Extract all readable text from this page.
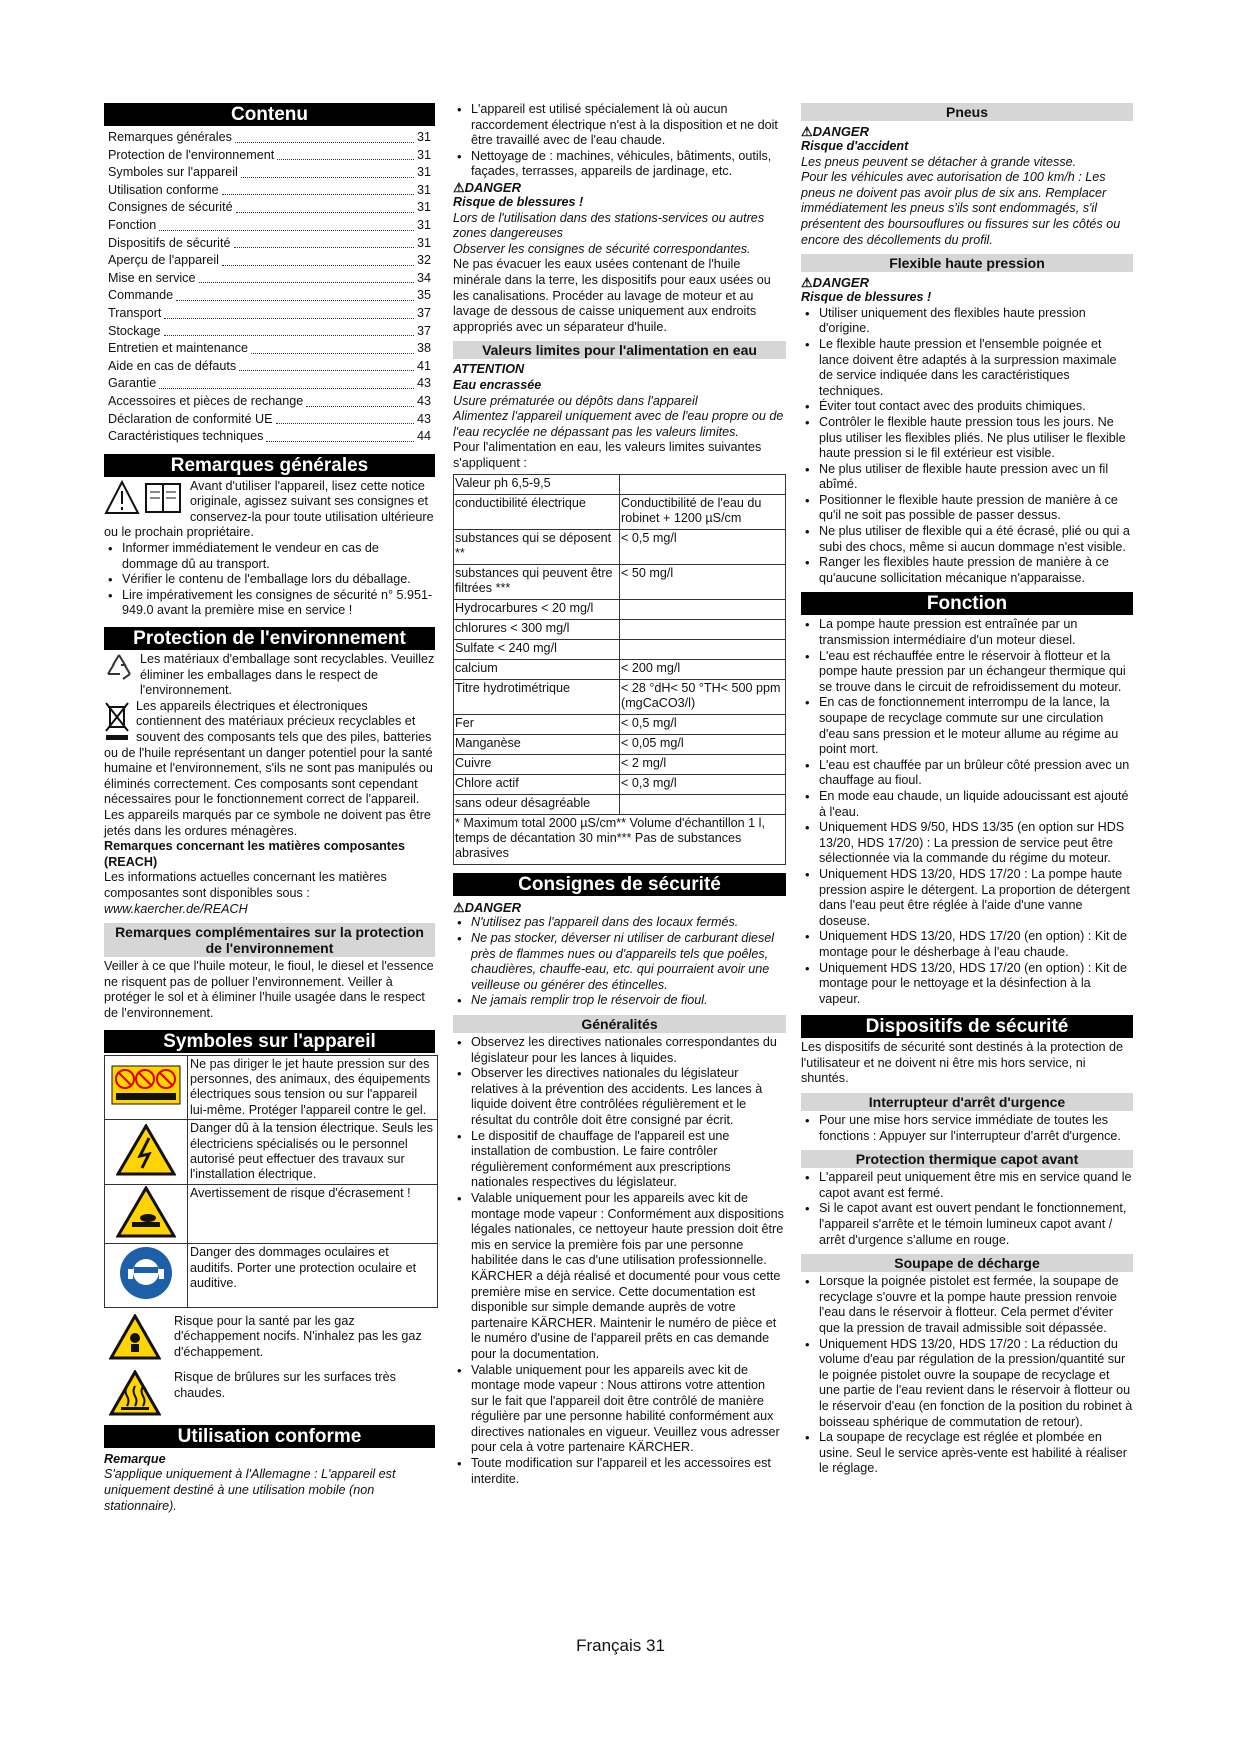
Contenu
Remarques générales	31
Protection de l'environnement	31
Symboles sur l'appareil	31
Utilisation conforme	31
Consignes de sécurité	31
Fonction	31
Dispositifs de sécurité	31
Aperçu de l'appareil	32
Mise en service	34
Commande	35
Transport	37
Stockage	37
Entretien et maintenance	38
Aide en cas de défauts	41
Garantie	43
Accessoires et pièces de rechange	43
Déclaration de conformité UE	43
Caractéristiques techniques	44
Remarques générales

Avant d'utiliser l'appareil, lisez cette notice originale, agissez suivant ses consignes et conservez-la pour toute utilisation ultérieure ou le prochain propriétaire.

• Informer immédiatement le vendeur en cas de dommage dû au transport.
• Vérifier le contenu de l'emballage lors du déballage.
• Lire impérativement les consignes de sécurité n° 5.951-949.0 avant la première mise en service !
Protection de l'environnement

Les matériaux d'emballage sont recyclables. Veuillez éliminer les emballages dans le respect de l'environnement.

Les appareils électriques et électroniques contiennent des matériaux précieux recyclables et souvent des composants tels que des piles, batteries ou de l'huile représentant un danger potentiel pour la santé humaine et l'environnement, s'ils ne sont pas manipulés ou éliminés correctement. Ces composants sont cependant nécessaires pour le fonctionnement correct de l'appareil. Les appareils marqués par ce symbole ne doivent pas être jetés dans les ordures ménagères.

Remarques concernant les matières composantes (REACH)

Les informations actuelles concernant les matières composantes sont disponibles sous : www.kaercher.de/REACH

Remarques complémentaires sur la protection de l'environnement

Veiller à ce que l'huile moteur, le fioul, le diesel et l'essence ne risquent pas de polluer l'environnement. Veiller à protéger le sol et à éliminer l'huile usagée dans le respect de l'environnement.

Symboles sur l'appareil
	Ne pas diriger le jet haute pression sur des personnes, des animaux, des équipements électriques sous tension ou sur l'appareil lui-même. Protéger l'appareil contre le gel.
	Danger dû à la tension électrique. Seuls les électriciens spécialisés ou le personnel autorisé peut effectuer des travaux sur l'installation électrique.
	Avertissement de risque d'écrasement !
	Danger des dommages oculaires et auditifs. Porter une protection oculaire et auditive.

Risque pour la santé par les gaz d'échappement nocifs. N'inhalez pas les gaz d'échappement.

Risque de brûlures sur les surfaces très chaudes.

Utilisation conforme

Remarque

S'applique uniquement à l'Allemagne : L'appareil est uniquement destiné à une utilisation mobile (non stationnaire).

• L'appareil est utilisé spécialement là où aucun raccordement électrique n'est à la disposition et ne doit être travaillé avec de l'eau chaude.
• Nettoyage de : machines, véhicules, bâtiments, outils, façades, terrasses, appareils de jardinage, etc.
⚠DANGER

Risque de blessures !

Lors de l'utilisation dans des stations-services ou autres zones dangereuses

Observer les consignes de sécurité correspondantes.

Ne pas évacuer les eaux usées contenant de l'huile minérale dans la terre, les dispositifs pour eaux usées ou les canalisations. Procéder au lavage de moteur et au lavage de dessous de caisse uniquement aux endroits appropriés avec un séparateur d'huile.

Valeurs limites pour l'alimentation en eau

ATTENTION

Eau encrassée

Usure prématurée ou dépôts dans l'appareil

Alimentez l'appareil uniquement avec de l'eau propre ou de l'eau recyclée ne dépassant pas les valeurs limites.

Pour l'alimentation en eau, les valeurs limites suivantes s'appliquent :

Valeur ph 6,5-9,5	
conductibilité électrique	Conductibilité de l'eau du robinet + 1200 µS/cm
substances qui se déposent **	< 0,5 mg/l
substances qui peuvent être filtrées ***	< 50 mg/l
Hydrocarbures < 20 mg/l	
chlorures < 300 mg/l	
Sulfate < 240 mg/l	
calcium	< 200 mg/l
Titre hydrotimétrique	< 28 °dH< 50 °TH< 500 ppm (mgCaCO3/l)
Fer	< 0,5 mg/l
Manganèse	< 0,05 mg/l
Cuivre	< 2 mg/l
Chlore actif	< 0,3 mg/l
sans odeur désagréable	
* Maximum total 2000 µS/cm** Volume d'échantillon 1 l, temps de décantation 30 min*** Pas de substances abrasives	
Consignes de sécurité
⚠DANGER
• N'utilisez pas l'appareil dans des locaux fermés.
• Ne pas stocker, déverser ni utiliser de carburant diesel près de flammes nues ou d'appareils tels que poêles, chaudières, chauffe-eau, etc. qui pourraient avoir une veilleuse ou générer des étincelles.
• Ne jamais remplir trop le réservoir de fioul.
Généralités
• Observez les directives nationales correspondantes du législateur pour les lances à liquides.
• Observer les directives nationales du législateur relatives à la prévention des accidents. Les lances à liquide doivent être contrôlées régulièrement et le résultat du contrôle doit être consigné par écrit.
• Le dispositif de chauffage de l'appareil est une installation de combustion. Le faire contrôler régulièrement conformément aux prescriptions nationales respectives du législateur.
• Valable uniquement pour les appareils avec kit de montage mode vapeur : Conformément aux dispositions légales nationales, ce nettoyeur haute pression doit être mis en service la première fois par une personne habilitée dans le cas d'une utilisation professionnelle. KÄRCHER a déjà réalisé et documenté pour vous cette première mise en service. Cette documentation est disponible sur simple demande auprès de votre partenaire KÄRCHER. Maintenir le numéro de pièce et le numéro d'usine de l'appareil prêts en cas demande pour la documentation.
• Valable uniquement pour les appareils avec kit de montage mode vapeur : Nous attirons votre attention sur le fait que l'appareil doit être contrôlé de manière régulière par une personne habilité conformément aux directives nationales en vigueur. Veuillez vous adresser pour cela à votre partenaire KÄRCHER.
• Toute modification sur l'appareil et les accessoires est interdite.
Pneus
⚠DANGER

Risque d'accident

Les pneus peuvent se détacher à grande vitesse.

Pour les véhicules avec autorisation de 100 km/h : Les pneus ne doivent pas avoir plus de six ans. Remplacer immédiatement les pneus s'ils sont endommagés, s'il présentent des boursouflures ou fissures sur les côtés ou encore des décollements du profil.

Flexible haute pression
⚠DANGER

Risque de blessures !

• Utiliser uniquement des flexibles haute pression d'origine.
• Le flexible haute pression et l'ensemble poignée et lance doivent être adaptés à la surpression maximale de service indiquée dans les caractéristiques techniques.
• Éviter tout contact avec des produits chimiques.
• Contrôler le flexible haute pression tous les jours. Ne plus utiliser les flexibles pliés. Ne plus utiliser le flexible haute pression si le fil extérieur est visible.
• Ne plus utiliser de flexible haute pression avec un fil abîmé.
• Positionner le flexible haute pression de manière à ce qu'il ne soit pas possible de passer dessus.
• Ne plus utiliser de flexible qui a été écrasé, plié ou qui a subi des chocs, même si aucun dommage n'est visible.
• Ranger les flexibles haute pression de manière à ce qu'aucune sollicitation mécanique n'apparaisse.
Fonction
• La pompe haute pression est entraînée par un transmission intermédiaire d'un moteur diesel.
• L'eau est réchauffée entre le réservoir à flotteur et la pompe haute pression par un échangeur thermique qui se trouve dans le circuit de refroidissement du moteur.
• En cas de fonctionnement interrompu de la lance, la soupape de recyclage commute sur une circulation d'eau sans pression et le moteur allume au régime au point mort.
• L'eau est chauffée par un brûleur côté pression avec un chauffage au fioul.
• En mode eau chaude, un liquide adoucissant est ajouté à l'eau.
• Uniquement HDS 9/50, HDS 13/35 (en option sur HDS 13/20, HDS 17/20) : La pression de service peut être sélectionnée via la commande du régime du moteur.
• Uniquement HDS 13/20, HDS 17/20 : La pompe haute pression aspire le détergent. La proportion de détergent dans l'eau peut être réglée à l'aide d'une vanne doseuse.
• Uniquement HDS 13/20, HDS 17/20 (en option) : Kit de montage pour le désherbage à l'eau chaude.
• Uniquement HDS 13/20, HDS 17/20 (en option) : Kit de montage pour le nettoyage et la désinfection à la vapeur.
Dispositifs de sécurité

Les dispositifs de sécurité sont destinés à la protection de l'utilisateur et ne doivent ni être mis hors service, ni shuntés.

Interrupteur d'arrêt d'urgence
• Pour une mise hors service immédiate de toutes les fonctions : Appuyer sur l'interrupteur d'arrêt d'urgence.
Protection thermique capot avant
• L'appareil peut uniquement être mis en service quand le capot avant est fermé.
• Si le capot avant est ouvert pendant le fonctionnement, l'appareil s'arrête et le témoin lumineux capot avant / arrêt d'urgence s'allume en rouge.
Soupape de décharge
• Lorsque la poignée pistolet est fermée, la soupape de recyclage s'ouvre et la pompe haute pression renvoie l'eau dans le réservoir à flotteur. Cela permet d'éviter que la pression de travail admissible soit dépassée.
• Uniquement HDS 13/20, HDS 17/20 : La réduction du volume d'eau par régulation de la pression/quantité sur le poignée pistolet ouvre la soupape de recyclage et une partie de l'eau revient dans le réservoir à flotteur ou le réservoir d'eau (en fonction de la position du robinet à boisseau sphérique de commutation de retour).
• La soupape de recyclage est réglée et plombée en usine. Seul le service après-vente est habilité à réaliser le réglage.
Français 31
